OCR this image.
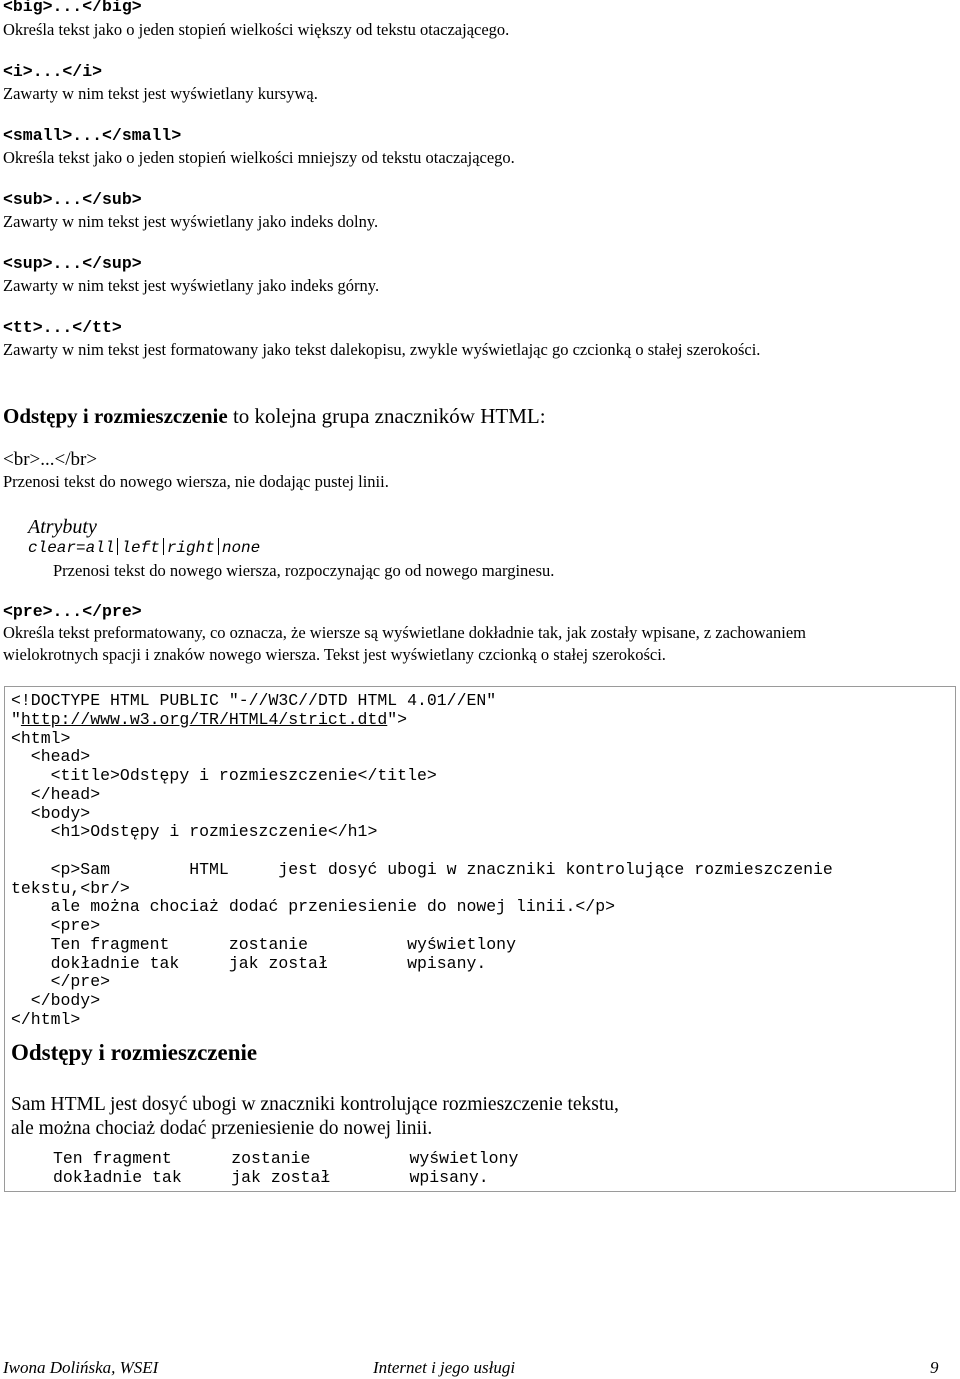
<big>...</big>
Określa tekst jako o jeden stopień wielkości większy od tekstu otaczającego.
<i>...</i>
Zawarty w nim tekst jest wyświetlany kursywą.
<small>...</small>
Określa tekst jako o jeden stopień wielkości mniejszy od tekstu otaczającego.
<sub>...</sub>
Zawarty w nim tekst jest wyświetlany jako indeks dolny.
<sup>...</sup>
Zawarty w nim tekst jest wyświetlany jako indeks górny.
<tt>...</tt>
Zawarty w nim tekst jest formatowany jako tekst dalekopisu, zwykle wyświetlając go czcionką o stałej szerokości.
Odstępy i rozmieszczenie to kolejna grupa znaczników HTML:
<br>...</br>
Przenosi tekst do nowego wiersza, nie dodając pustej linii.
Atrybuty
clear=all left right none
Przenosi tekst do nowego wiersza, rozpoczynając go od nowego marginesu.
<pre>...</pre>
Określa tekst preformatowany, co oznacza, że wiersze są wyświetlane dokładnie tak, jak zostały wpisane, z zachowaniem wielokrotnych spacji i znaków nowego wiersza. Tekst jest wyświetlany czcionką o stałej szerokości.
<!DOCTYPE HTML PUBLIC "-//W3C//DTD HTML 4.01//EN"
"http://www.w3.org/TR/HTML4/strict.dtd">
<html>
<head>
<title>Odstępy i rozmieszczenie</title>
</head>
<body>
<h1>Odstępy i rozmieszczenie</h1>

<p>Sam        HTML     jest dosyć ubogi w znaczniki kontrolujące rozmieszczenie
tekstu,<br/>
ale można chociaż dodać przeniesienie do nowej linii.</p>
<pre>
Ten fragment      zostanie          wyświetlony
dokładnie tak     jak został        wpisany.
</pre>
</body>
</html>
Odstępy i rozmieszczenie
Sam HTML jest dosyć ubogi w znaczniki kontrolujące rozmieszczenie tekstu,
ale można chociaż dodać przeniesienie do nowej linii.
Ten fragment      zostanie          wyświetlony
dokładnie tak     jak został        wpisany.
Iwona Dolińska, WSEI	Internet i jego usługi	9
